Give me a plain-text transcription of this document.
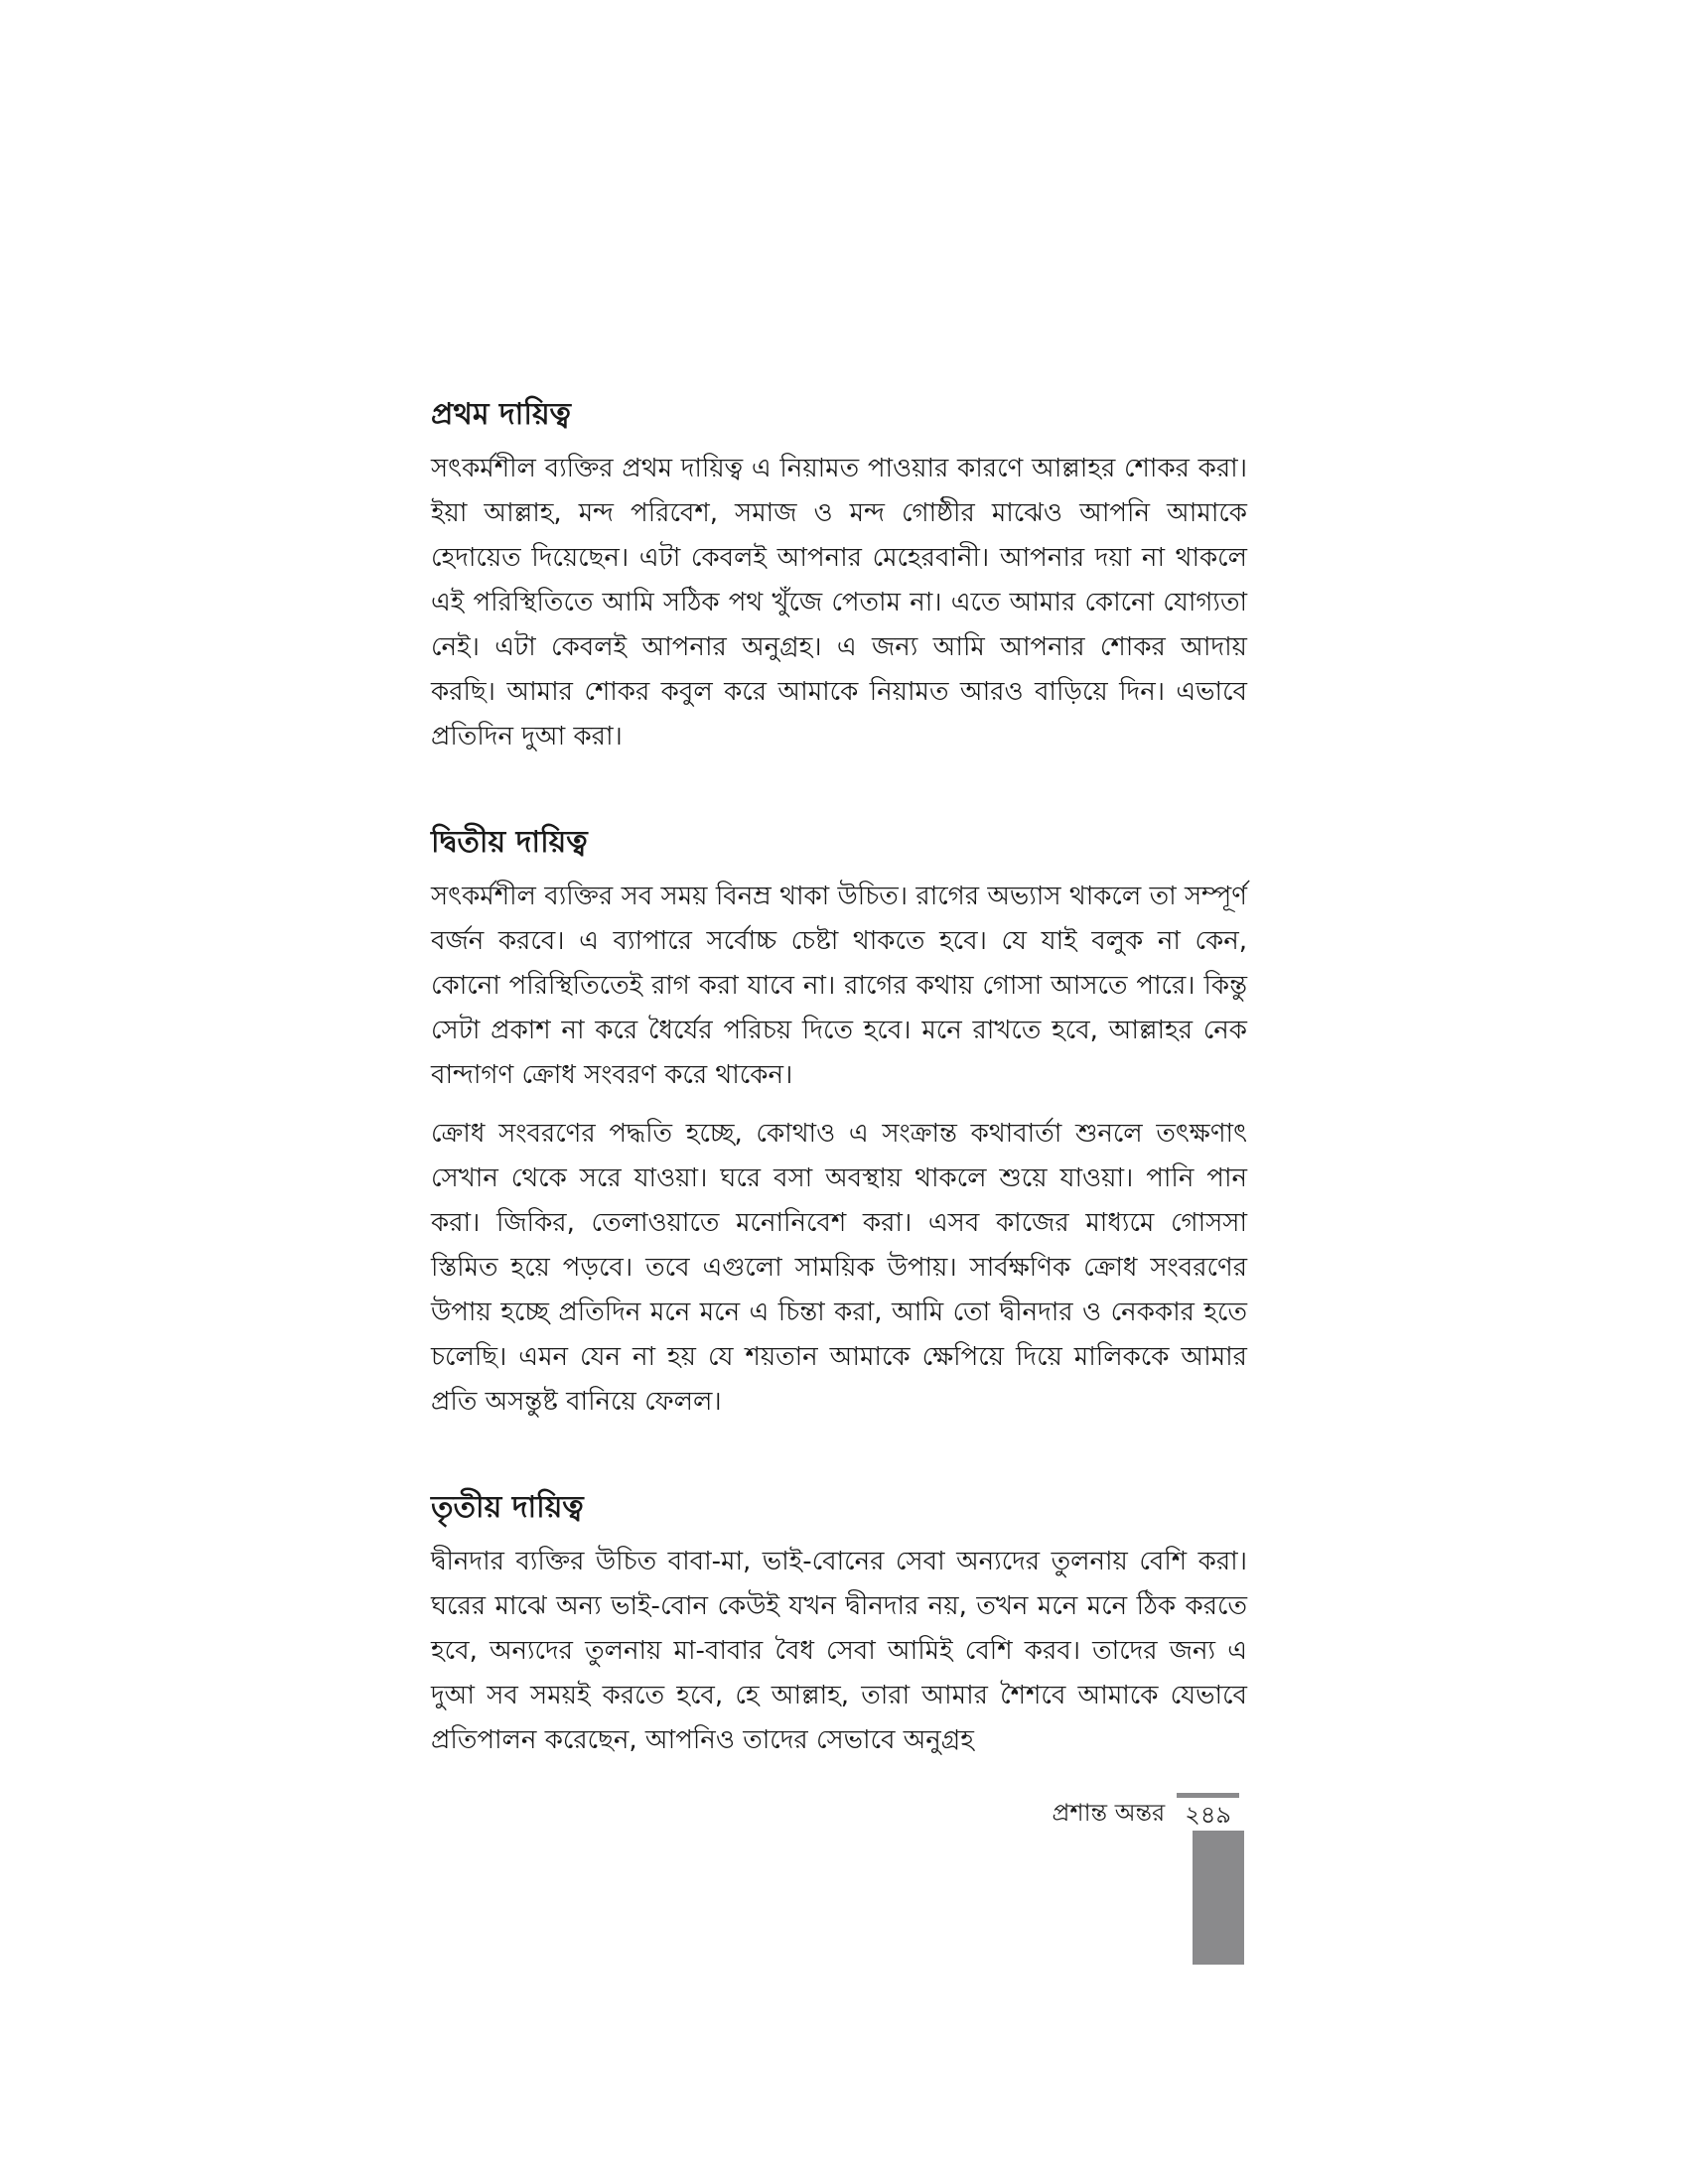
প্রথম দায়িত্ব

সৎকর্মশীল ব্যক্তির প্রথম দায়িত্ব এ নিয়ামত পাওয়ার কারণে আল্লাহর শোকর করা। ইয়া আল্লাহ, মন্দ পরিবেশ, সমাজ ও মন্দ গোষ্ঠীর মাঝেও আপনি আমাকে হেদায়েত দিয়েছেন। এটা কেবলই আপনার মেহেরবানী। আপনার দয়া না থাকলে এই পরিস্থিতিতে আমি সঠিক পথ খুঁজে পেতাম না। এতে আমার কোনো যোগ্যতা নেই। এটা কেবলই আপনার অনুগ্রহ। এ জন্য আমি আপনার শোকর আদায় করছি। আমার শোকর কবুল করে আমাকে নিয়ামত আরও বাড়িয়ে দিন। এভাবে প্রতিদিন দুআ করা।

দ্বিতীয় দায়িত্ব

সৎকর্মশীল ব্যক্তির সব সময় বিনম্র থাকা উচিত। রাগের অভ্যাস থাকলে তা সম্পূর্ণ বর্জন করবে। এ ব্যাপারে সর্বোচ্চ চেষ্টা থাকতে হবে। যে যাই বলুক না কেন, কোনো পরিস্থিতিতেই রাগ করা যাবে না। রাগের কথায় গোসা আসতে পারে। কিন্তু সেটা প্রকাশ না করে ধৈর্যের পরিচয় দিতে হবে। মনে রাখতে হবে, আল্লাহর নেক বান্দাগণ ক্রোধ সংবরণ করে থাকেন।

ক্রোধ সংবরণের পদ্ধতি হচ্ছে, কোথাও এ সংক্রান্ত কথাবার্তা শুনলে তৎক্ষণাৎ সেখান থেকে সরে যাওয়া। ঘরে বসা অবস্থায় থাকলে শুয়ে যাওয়া। পানি পান করা। জিকির, তেলাওয়াতে মনোনিবেশ করা। এসব কাজের মাধ্যমে গোসসা স্তিমিত হয়ে পড়বে। তবে এগুলো সাময়িক উপায়। সার্বক্ষণিক ক্রোধ সংবরণের উপায় হচ্ছে প্রতিদিন মনে মনে এ চিন্তা করা, আমি তো দ্বীনদার ও নেককার হতে চলেছি। এমন যেন না হয় যে শয়তান আমাকে ক্ষেপিয়ে দিয়ে মালিককে আমার প্রতি অসন্তুষ্ট বানিয়ে ফেলল।

তৃতীয় দায়িত্ব

দ্বীনদার ব্যক্তির উচিত বাবা-মা, ভাই-বোনের সেবা অন্যদের তুলনায় বেশি করা। ঘরের মাঝে অন্য ভাই-বোন কেউই যখন দ্বীনদার নয়, তখন মনে মনে ঠিক করতে হবে, অন্যদের তুলনায় মা-বাবার বৈধ সেবা আমিই বেশি করব। তাদের জন্য এ দুআ সব সময়ই করতে হবে, হে আল্লাহ, তারা আমার শৈশবে আমাকে যেভাবে প্রতিপালন করেছেন, আপনিও তাদের সেভাবে অনুগ্রহ

প্রশান্ত অন্তর ২৪৯
